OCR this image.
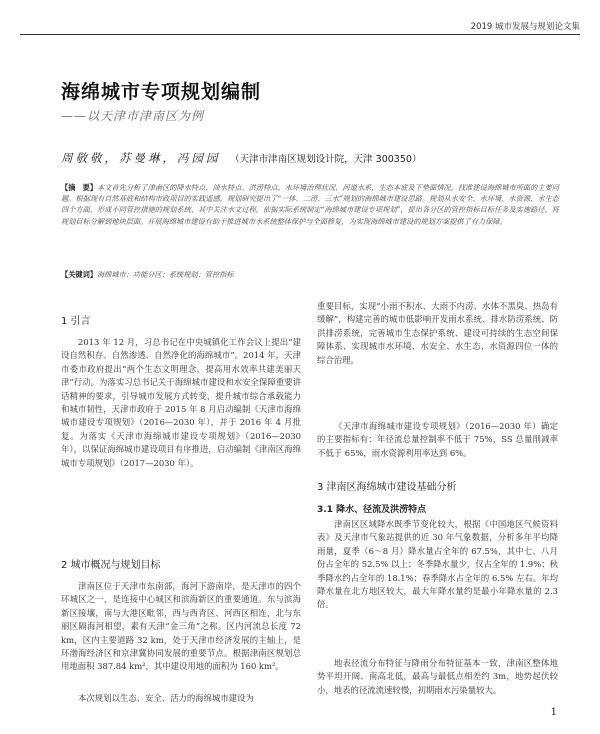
2019 城市发展与规划论文集
海绵城市专项规划编制
——以天津市津南区为例
周敬敬，苏曼琳，冯园园 （天津市津南区规划设计院，天津 300350）
【摘　要】本文首先分析了津南区的降水特点、淡水特点、洪涝特点、水环境治理状况、河道水系，生态本底及下垫面情况，找准建设海绵城市所面的主要问题。根据现有自然基底和结构市政项目的实践遥感，规划研究提出了“一体、二涝、三水”规划的海绵城市建设思路。规划从水安全、水环境、水资源、水生态四个方面，形成不同管控措施的规划系统、其中关注水文过程，依据实际系统制定“海绵城市建设专项规划”，提出各分区的管控指标目标任务及实施路径，将规划目标分解到地块层面。开展海绵城市建设有助于推进城市水系统整体保护与全面修复，为实现海绵城市建设的规划方案提供了有力保障。
【关键词】海绵城市；功能分区；系统规划；管控指标
1 引言
2013 年 12 月，习总书记在中央城镇化工作会议上提出“建设自然积存、自然渗透、自然净化的海绵城市”。2014 年，天津市委市政府提出“两个生态文明理念，提高用水效率共建美丽天津”行动。为落实习总书记关于海绵城市建设和水安全保障重要讲话精神的要求，引导城市发展方式转变，提升城市综合承载能力和城市韧性，天津市政府于 2015 年 8 月启动编制《天津市海绵城市建设专项规划》（2016—2030 年），并于 2016 年 4 月批复。为落实《天津市海绵城市建设专项规划》（2016—2030 年），以保证海绵城市建设项目有序推进，启动编制《津南区海绵城市专项规划》（2017—2030 年）。
2 城市概况与规划目标
津南区位于天津市东南部，海河下游南岸，是天津市的四个环城区之一，是连接中心城区和滨海新区的重要通道。东与滨海新区接壤，南与大港区毗邻，西与西青区、河西区相连，北与东丽区隔海河相望，素有天津“金三角”之称。区内河流总长度 72 km，区内主要道路 32 km，处于天津市经济发展的主轴上，是环渤海经济区和京津冀协同发展的重要节点。根据津南区规划总用地面积 387.84 km²，其中建设用地的面积为 160 km²。
本次规划以生态、安全、活力的海绵城市建设为
重要目标，实现“小雨不积水、大雨不内涝、水体不黑臭、热岛有缓解”，构建完善的城市低影响开发雨水系统、排水防涝系统、防洪排涝系统，完善城市生态保护系统、建设可持续的生态空间保障体系、实现城市水环境、水安全、水生态、水资源四位一体的综合治理。
《天津市海绵城市建设专项规划》（2016—2030 年）确定的主要指标有：年径流总量控制率不低于 75%，SS 总量削减率不低于 65%，雨水资源利用率达到 6%。
3 津南区海绵城市建设基础分析
3.1 降水、径流及洪涝特点
津南区区域降水既季节变化较大，根据《中国地区气候资料表》及天津市气象站提供的近 30 年气象数据，分析多年平均降雨量，夏季（6～8 月）降水量占全年的 67.5%，其中七、八月份占全年的 52.5% 以上；冬季降水量少，仅占全年的 1.9%；秋季降水约占全年的 18.1%；春季降水占全年的 6.5% 左右。年均降水量在北方地区较大，最大年降水量约是最小年降水量的 2.3 倍。
地表径流分布特征与降雨分布特征基本一致，津南区整体地势平坦开阔、南高北低，最高与最低点相差约 3m，地势起伏较小，地表的径流流速较慢，初期雨水污染量较大。
1
